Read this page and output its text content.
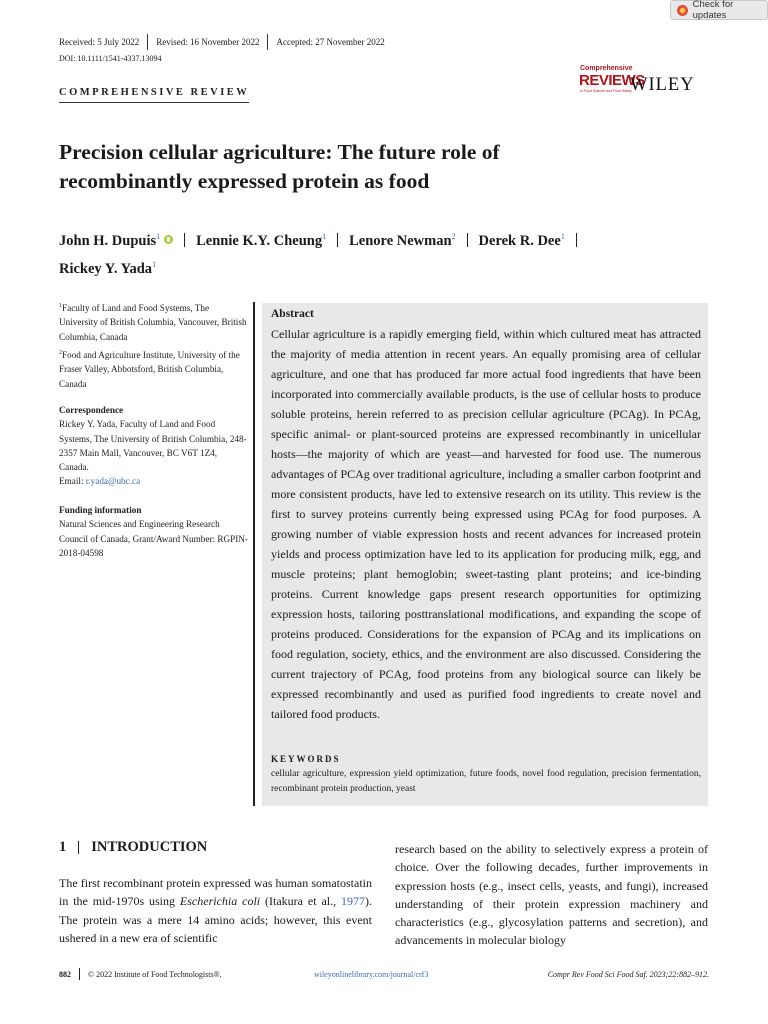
Received: 5 July 2022 Revised: 16 November 2022 Accepted: 27 November 2022
DOI: 10.1111/1541-4337.13094
Check for updates
COMPREHENSIVE REVIEW
Comprehensive
REVIEWS
in Food Science and Food Safety
WILEY
Precision cellular agriculture: The future role of
recombinantly expressed protein as food
John H. Dupuis$^1$ Lennie K.Y. Cheung$^1$ Lenore Newman$^2$ Derek R. Dee$^1$
Rickey Y. Yada$^1$
$^1$Faculty of Land and Food Systems, The University of British Columbia, Vancouver, British Columbia, Canada
$^2$Food and Agriculture Institute, University of the Fraser Valley, Abbotsford, British Columbia, Canada
Correspondence
Rickey Y. Yada, Faculty of Land and Food Systems, The University of British Columbia, 248-2357 Main Mall, Vancouver, BC V6T 1Z4, Canada.
Email: r.yada@ubc.ca
Funding information
Natural Sciences and Engineering Research Council of Canada, Grant/Award Number: RGPIN-2018-04598
Abstract
Cellular agriculture is a rapidly emerging field, within which cultured meat has attracted the majority of media attention in recent years. An equally promising area of cellular agriculture, and one that has produced far more actual food ingredients that have been incorporated into commercially available products, is the use of cellular hosts to produce soluble proteins, herein referred to as precision cellular agriculture (PCAg). In PCAg, specific animal- or plant-sourced proteins are expressed recombinantly in unicellular hosts—the majority of which are yeast—and harvested for food use. The numerous advantages of PCAg over traditional agriculture, including a smaller carbon footprint and more consistent products, have led to extensive research on its utility. This review is the first to survey proteins currently being expressed using PCAg for food purposes. A growing number of viable expression hosts and recent advances for increased protein yields and process optimization have led to its application for producing milk, egg, and muscle proteins; plant hemoglobin; sweet-tasting plant proteins; and ice-binding proteins. Current knowledge gaps present research opportunities for optimizing expression hosts, tailoring posttranslational modifications, and expanding the scope of proteins produced. Considerations for the expansion of PCAg and its implications on food regulation, society, ethics, and the environment are also discussed. Considering the current trajectory of PCAg, food proteins from any biological source can likely be expressed recombinantly and used as purified food ingredients to create novel and tailored food products.
KEYWORDS
cellular agriculture, expression yield optimization, future foods, novel food regulation, precision fermentation, recombinant protein production, yeast
1 INTRODUCTION
The first recombinant protein expressed was human somatostatin in the mid-1970s using Escherichia coli (Itakura et al., 1977). The protein was a mere 14 amino acids; however, this event ushered in a new era of scientific
research based on the ability to selectively express a protein of choice. Over the following decades, further improvements in expression hosts (e.g., insect cells, yeasts, and fungi), increased understanding of their protein expression machinery and characteristics (e.g., glycosylation patterns and secretion), and advancements in molecular biology
882 © 2022 Institute of Food Technologists®.	wileyonlinelibrary.com/journal/crf3	Compr Rev Food Sci Food Saf. 2023;22:882–912.
